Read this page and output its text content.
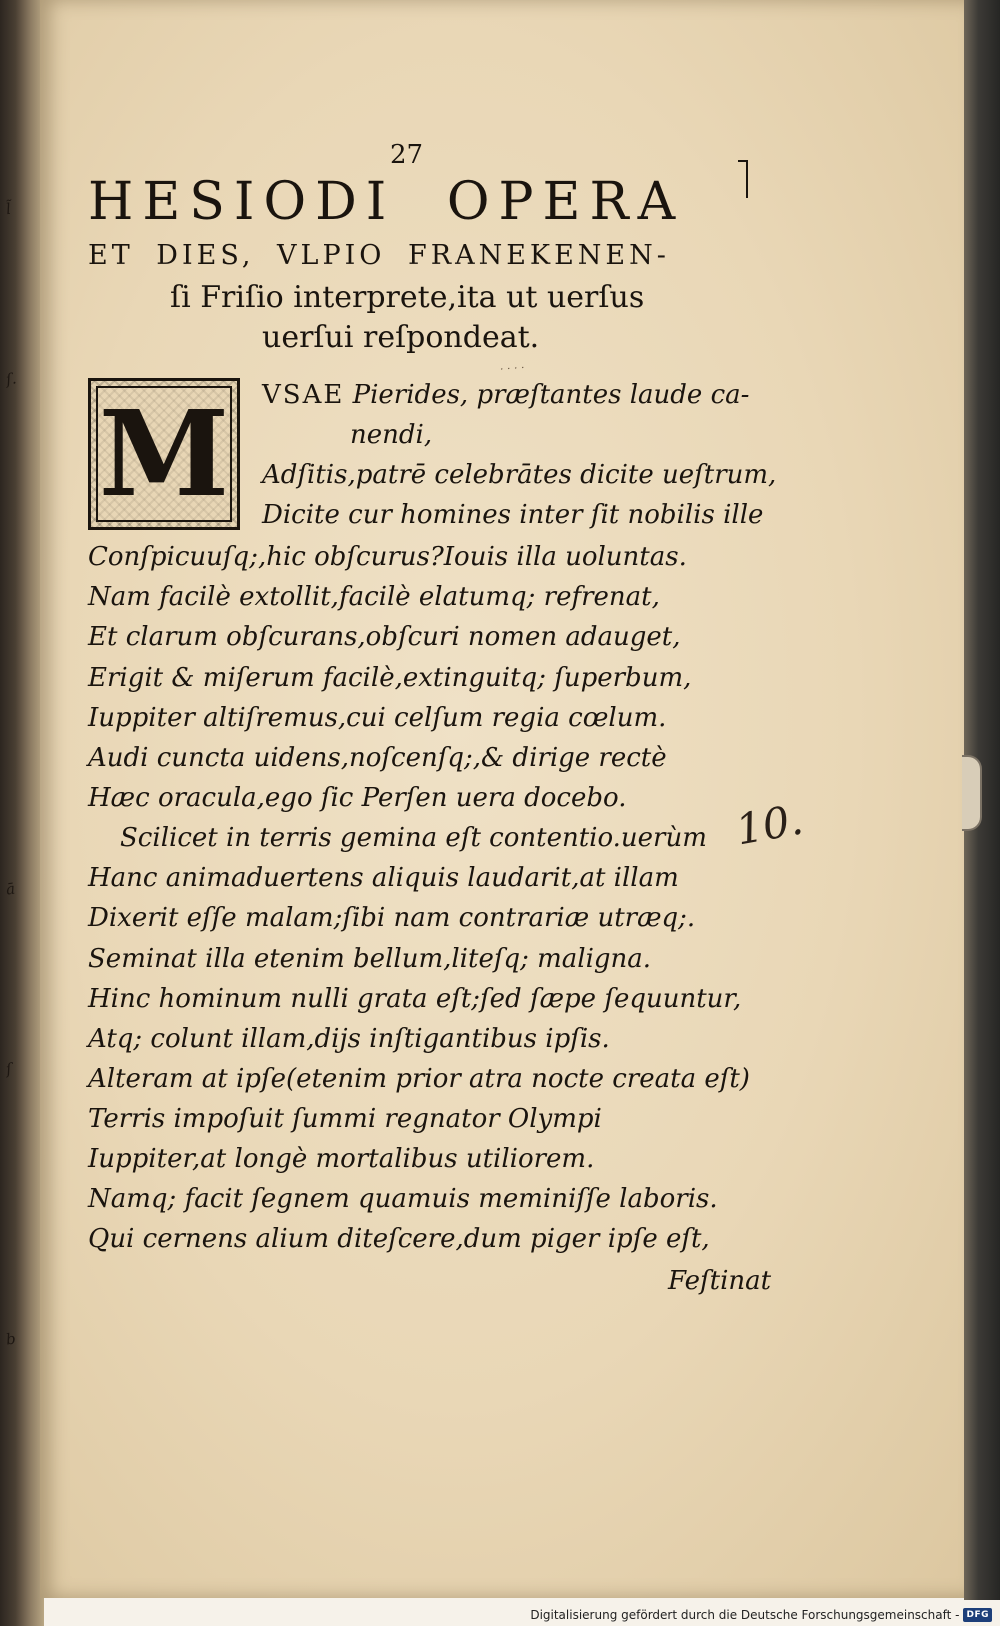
l̃
ſ.
ā
ſ
b

27

HESIODI OPERA

ET DIES, VLPIO FRANEKENEN-

ſi Friſio interprete,ita ut uerſus

uerſui reſpondeat.

M
· · · ·

VSAE Pierides, præſtantes laude ca-

nendi,

Adſitis,patrē celebrātes dicite ueſtrum,

Dicite cur homines inter ſit nobilis ille

Conſpicuuſq;,hic obſcurus?Iouis illa uoluntas.

Nam facilè extollit,facilè elatumq; refrenat,

Et clarum obſcurans,obſcuri nomen adauget,

Erigit & miſerum facilè,extinguitq; ſuperbum,

Iuppiter altiſremus,cui celſum regia cœlum.

Audi cuncta uidens,noſcenſq;,& dirige rectè

Hæc oracula,ego ſic Perſen uera docebo.

Scilicet in terris gemina eſt contentio.uerùm

Hanc animaduertens aliquis laudarit,at illam

Dixerit eſſe malam;ſibi nam contrariæ utræq;.

Seminat illa etenim bellum,liteſq; maligna.

Hinc hominum nulli grata eſt;ſed ſæpe ſequuntur,

Atq; colunt illam,dijs inſtigantibus ipſis.

Alteram at ipſe(etenim prior atra nocte creata eſt)

Terris impoſuit ſummi regnator Olympi

Iuppiter,at longè mortalibus utiliorem.

Namq; facit ſegnem quamuis meminiſſe laboris.

Qui cernens alium diteſcere,dum piger ipſe eſt,

10.
Feſtinat
Digitalisierung gefördert durch die Deutsche Forschungsgemeinschaft - DFG
